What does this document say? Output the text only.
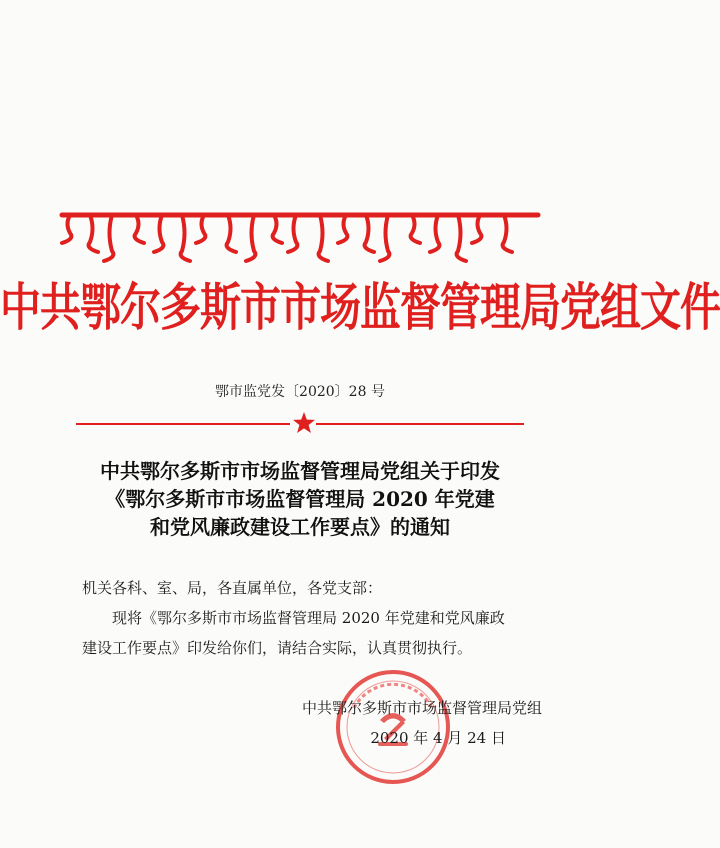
中共鄂尔多斯市市场监督管理局党组文件
鄂市监党发〔2020〕28 号
中共鄂尔多斯市市场监督管理局党组关于印发
《鄂尔多斯市市场监督管理局 2020 年党建
和党风廉政建设工作要点》的通知
机关各科、室、局，各直属单位，各党支部：
现将《鄂尔多斯市市场监督管理局 2020 年党建和党风廉政
建设工作要点》印发给你们，请结合实际，认真贯彻执行。
中共鄂尔多斯市市场监督管理局党组
2020 年 4 月 24 日
